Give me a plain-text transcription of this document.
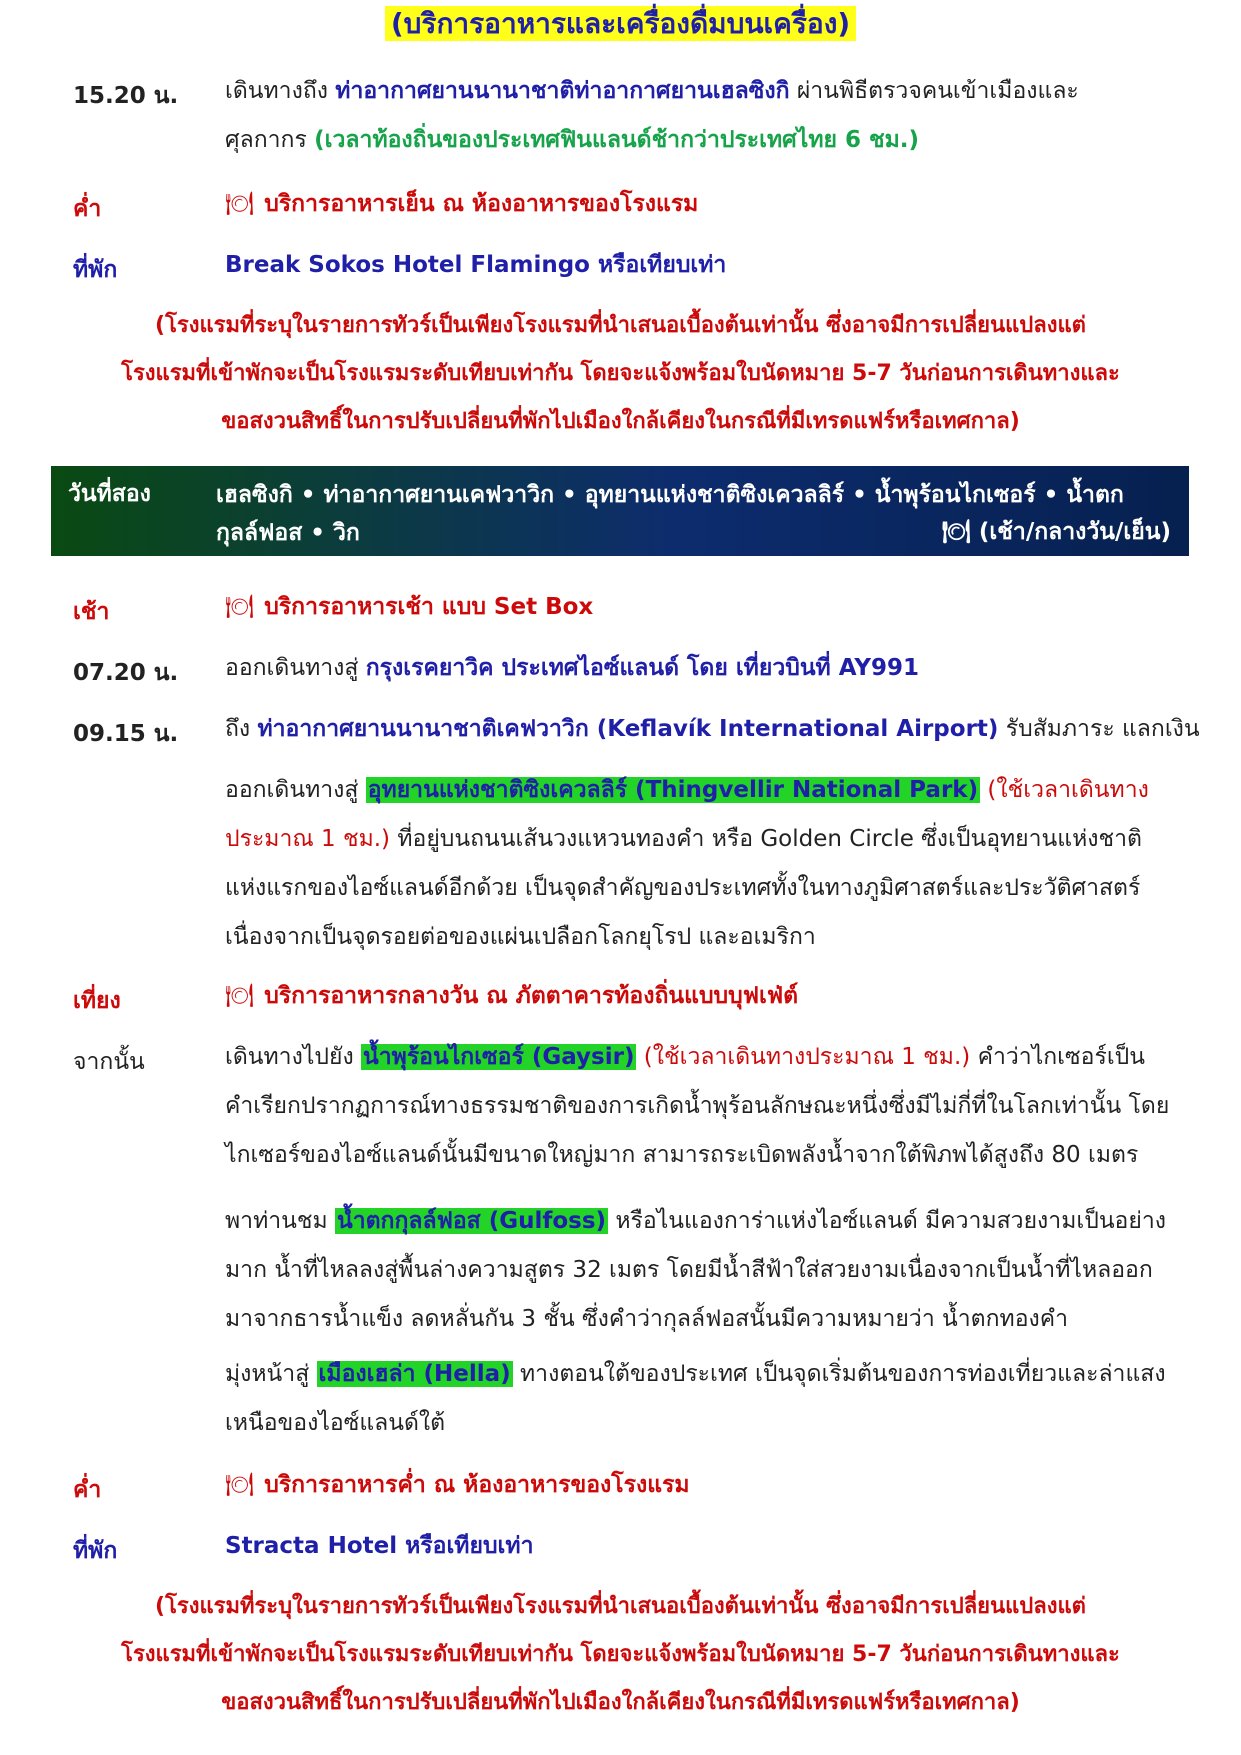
(บริการอาหารและเครื่องดื่มบนเครื่อง)
15.20 น. เดินทางถึง ท่าอากาศยานนานาชาติท่าอากาศยานเฮลซิงกิ ผ่านพิธีตรวจคนเข้าเมืองและ
ศุลกากร (เวลาท้องถิ่นของประเทศฟินแลนด์ช้ากว่าประเทศไทย 6 ชม.)
ค่ำ	🍽 บริการอาหารเย็น ณ ห้องอาหารของโรงแรม
ที่พัก	Break Sokos Hotel Flamingo หรือเทียบเท่า
(โรงแรมที่ระบุในรายการทัวร์เป็นเพียงโรงแรมที่นำเสนอเบื้องต้นเท่านั้น ซึ่งอาจมีการเปลี่ยนแปลงแต่
โรงแรมที่เข้าพักจะเป็นโรงแรมระดับเทียบเท่ากัน โดยจะแจ้งพร้อมใบนัดหมาย 5-7 วันก่อนการเดินทางและ
ขอสงวนสิทธิ์ในการปรับเปลี่ยนที่พักไปเมืองใกล้เคียงในกรณีที่มีเทรดแฟร์หรือเทศกาล)
วันที่สอง	เฮลซิงกิ • ท่าอากาศยานเคฟวาวิก • อุทยานแห่งชาติซิงเควลลิร์ • น้ำพุร้อนไกเซอร์ • น้ำตก
กุลล์ฟอส • วิก	🍽 (เช้า/กลางวัน/เย็น)
เช้า	🍽 บริการอาหารเช้า แบบ Set Box
07.20 น. ออกเดินทางสู่ กรุงเรคยาวิค ประเทศไอซ์แลนด์ โดย เที่ยวบินที่ AY991
09.15 น. ถึง ท่าอากาศยานนานาชาติเคฟวาวิก (Keflavík International Airport) รับสัมภาระ แลกเงิน
ออกเดินทางสู่ อุทยานแห่งชาติซิงเควลลิร์ (Thingvellir National Park) (ใช้เวลาเดินทางประมาณ 1 ชม.) ที่อยู่บนถนนเส้นวงแหวนทองคำ หรือ Golden Circle ซึ่งเป็นอุทยานแห่งชาติแห่งแรกของไอซ์แลนด์อีกด้วย เป็นจุดสำคัญของประเทศทั้งในทางภูมิศาสตร์และประวัติศาสตร์ เนื่องจากเป็นจุดรอยต่อของแผ่นเปลือกโลกยุโรป และอเมริกา
เที่ยง	🍽 บริการอาหารกลางวัน ณ ภัตตาคารท้องถิ่นแบบบุฟเฟ่ต์
จากนั้น	เดินทางไปยัง น้ำพุร้อนไกเซอร์ (Gaysir) (ใช้เวลาเดินทางประมาณ 1 ชม.) คำว่าไกเซอร์เป็นคำเรียกปรากฏการณ์ทางธรรมชาติของการเกิดน้ำพุร้อนลักษณะหนึ่งซึ่งมีไม่กี่ที่ในโลกเท่านั้น โดยไกเซอร์ของไอซ์แลนด์นั้นมีขนาดใหญ่มาก สามารถระเบิดพลังน้ำจากใต้พิภพได้สูงถึง 80 เมตร
พาท่านชม น้ำตกกุลล์ฟอส (Gulfoss) หรือไนแองการ่าแห่งไอซ์แลนด์ มีความสวยงามเป็นอย่างมาก น้ำที่ไหลลงสู่พื้นล่างความสูตร 32 เมตร โดยมีน้ำสีฟ้าใส่สวยงามเนื่องจากเป็นน้ำที่ไหลออกมาจากธารน้ำแข็ง ลดหลั่นกัน 3 ชั้น ซึ่งคำว่ากุลล์ฟอสนั้นมีความหมายว่า น้ำตกทองคำ
มุ่งหน้าสู่ เมืองเฮล่า (Hella) ทางตอนใต้ของประเทศ เป็นจุดเริ่มต้นของการท่องเที่ยวและล่าแสงเหนือของไอซ์แลนด์ใต้
ค่ำ	🍽 บริการอาหารค่ำ ณ ห้องอาหารของโรงแรม
ที่พัก	Stracta Hotel หรือเทียบเท่า
(โรงแรมที่ระบุในรายการทัวร์เป็นเพียงโรงแรมที่นำเสนอเบื้องต้นเท่านั้น ซึ่งอาจมีการเปลี่ยนแปลงแต่
โรงแรมที่เข้าพักจะเป็นโรงแรมระดับเทียบเท่ากัน โดยจะแจ้งพร้อมใบนัดหมาย 5-7 วันก่อนการเดินทางและ
ขอสงวนสิทธิ์ในการปรับเปลี่ยนที่พักไปเมืองใกล้เคียงในกรณีที่มีเทรดแฟร์หรือเทศกาล)
